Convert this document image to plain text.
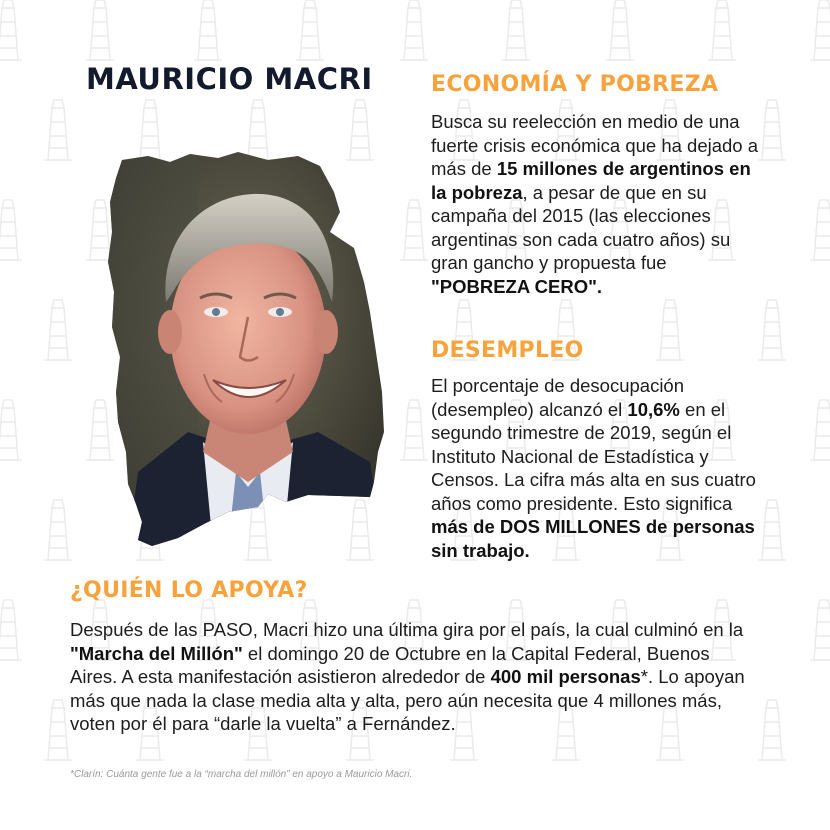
MAURICIO MACRI	ECONOMÍA Y POBREZA

Busca su reelección en medio de una fuerte crisis económica que ha dejado a más de 15 millones de argentinos en la pobreza, a pesar de que en su campaña del 2015 (las elecciones argentinas son cada cuatro años) su gran gancho y propuesta fue "POBREZA CERO".

DESEMPLEO

El porcentaje de desocupación (desempleo) alcanzó el 10,6% en el segundo trimestre de 2019, según el Instituto Nacional de Estadística y Censos. La cifra más alta en sus cuatro años como presidente. Esto significa más de DOS MILLONES de personas sin trabajo.

¿QUIÉN LO APOYA?

Después de las PASO, Macri hizo una última gira por el país, la cual culminó en la "Marcha del Millón" el domingo 20 de Octubre en la Capital Federal, Buenos Aires. A esta manifestación asistieron alrededor de 400 mil personas*. Lo apoyan más que nada la clase media alta y alta, pero aún necesita que 4 millones más, voten por él para “darle la vuelta” a Fernández.

*Clarín: Cuánta gente fue a la “marcha del millón” en apoyo a Mauricio Macri.
